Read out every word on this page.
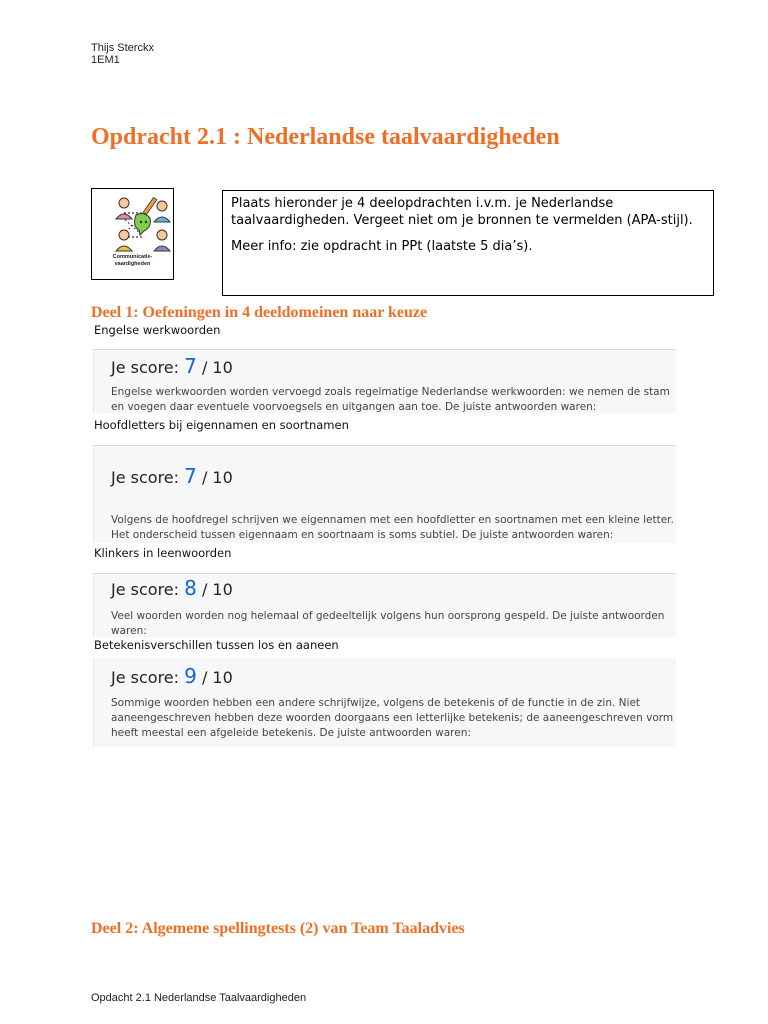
Thijs Sterckx
1EM1
Opdracht 2.1 : Nederlandse taalvaardigheden
Communicatie-
vaardigheden

Plaats hieronder je 4 deelopdrachten i.v.m. je Nederlandse taalvaardigheden. Vergeet niet om je bronnen te vermelden (APA-stijl).

Meer info: zie opdracht in PPt (laatste 5 dia’s).

Deel 1: Oefeningen in 4 deeldomeinen naar keuze
Engelse werkwoorden
Je score: 7 / 10
Engelse werkwoorden worden vervoegd zoals regelmatige Nederlandse werkwoorden: we nemen de stam en voegen daar eventuele voorvoegsels en uitgangen aan toe. De juiste antwoorden waren:
Hoofdletters bij eigennamen en soortnamen
Je score: 7 / 10
Volgens de hoofdregel schrijven we eigennamen met een hoofdletter en soortnamen met een kleine letter. Het onderscheid tussen eigennaam en soortnaam is soms subtiel. De juiste antwoorden waren:
Klinkers in leenwoorden
Je score: 8 / 10
Veel woorden worden nog helemaal of gedeeltelijk volgens hun oorsprong gespeld. De juiste antwoorden waren:
Betekenisverschillen tussen los en aaneen
Je score: 9 / 10
Sommige woorden hebben een andere schrijfwijze, volgens de betekenis of de functie in de zin. Niet aaneengeschreven hebben deze woorden doorgaans een letterlijke betekenis; de aaneengeschreven vorm heeft meestal een afgeleide betekenis. De juiste antwoorden waren:
Deel 2: Algemene spellingtests (2) van Team Taaladvies
Opdacht 2.1 Nederlandse Taalvaardigheden
